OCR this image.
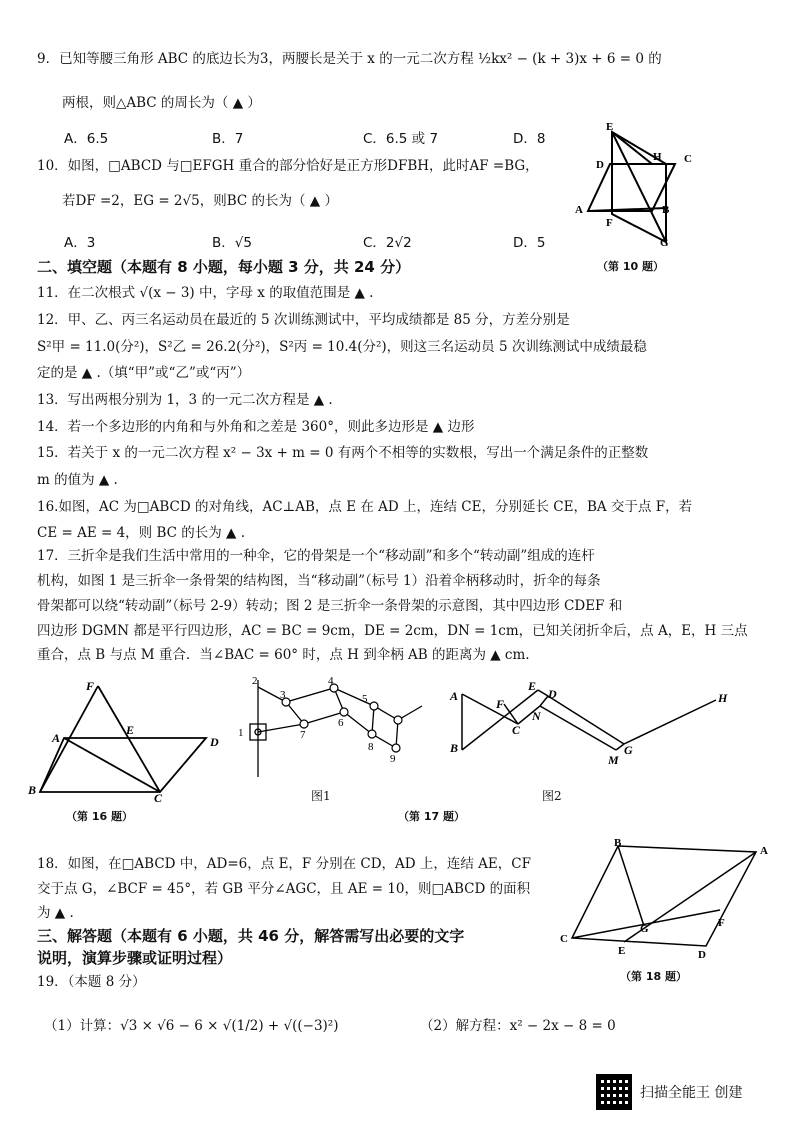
9．已知等腰三角形 ABC 的底边长为3，两腰长是关于 x 的一元二次方程 ½kx² − (k + 3)x + 6 = 0 的
两根，则△ABC 的周长为（ ▲ ）
A．6.5	B．7	C．6.5 或 7	D．8
10．如图，□ABCD 与□EFGH 重合的部分恰好是正方形DFBH，此时AF =BG，
若DF =2，EG = 2√5，则BC 的长为（ ▲ ）
A．3	B．√5	C．2√2	D．5
E
D
H C
A
F
B
G
（第 10 题）
二、填空题（本题有 8 小题，每小题 3 分，共 24 分）
11．在二次根式 √(x − 3) 中，字母 x 的取值范围是 ▲ .
12．甲、乙、丙三名运动员在最近的 5 次训练测试中，平均成绩都是 85 分，方差分别是
S²甲 = 11.0(分²)，S²乙 = 26.2(分²)，S²丙 = 10.4(分²)，则这三名运动员 5 次训练测试中成绩最稳
定的是 ▲ .（填“甲”或“乙”或“丙”）
13．写出两根分别为 1，3 的一元二次方程是 ▲ .
14．若一个多边形的内角和与外角和之差是 360°，则此多边形是 ▲ 边形
15．若关于 x 的一元二次方程 x² − 3x + m = 0 有两个不相等的实数根，写出一个满足条件的正整数
m 的值为 ▲ .
16.如图，AC 为□ABCD 的对角线，AC⊥AB，点 E 在 AD 上，连结 CE，分别延长 CE，BA 交于点 F，若
CE = AE = 4，则 BC 的长为 ▲ .
17．三折伞是我们生活中常用的一种伞，它的骨架是一个“移动副”和多个“转动副”组成的连杆
机构，如图 1 是三折伞一条骨架的结构图，当“移动副”（标号 1）沿着伞柄移动时，折伞的每条
骨架都可以绕“转动副”（标号 2-9）转动；图 2 是三折伞一条骨架的示意图，其中四边形 CDEF 和
四边形 DGMN 都是平行四边形，AC = BC = 9cm，DE = 2cm，DN = 1cm，已知关闭折伞后，点 A，E，H 三点
重合，点 B 与点 M 重合．当∠BAC = 60° 时，点 H 到伞柄 AB 的距离为 ▲ cm.
F
A
E
D
B
C
（第 16 题）
2
3
4
5
1	7
6
8
9
图1
A
B
F
C
E
D
N
M
G
H
图2
（第 17 题）
18．如图，在□ABCD 中，AD=6，点 E，F 分别在 CD，AD 上，连结 AE，CF
交于点 G，∠BCF = 45°，若 GB 平分∠AGC，且 AE = 10，则□ABCD 的面积
为 ▲ .
B
A
C
E
G	F
D
（第 18 题）
三、解答题（本题有 6 小题，共 46 分，解答需写出必要的文字
说明，演算步骤或证明过程）
19．（本题 8 分）
（1）计算：√3 × √6 − 6 × √(1/2) + √((−3)²)	（2）解方程：x² − 2x − 8 = 0
扫描全能王 创建
